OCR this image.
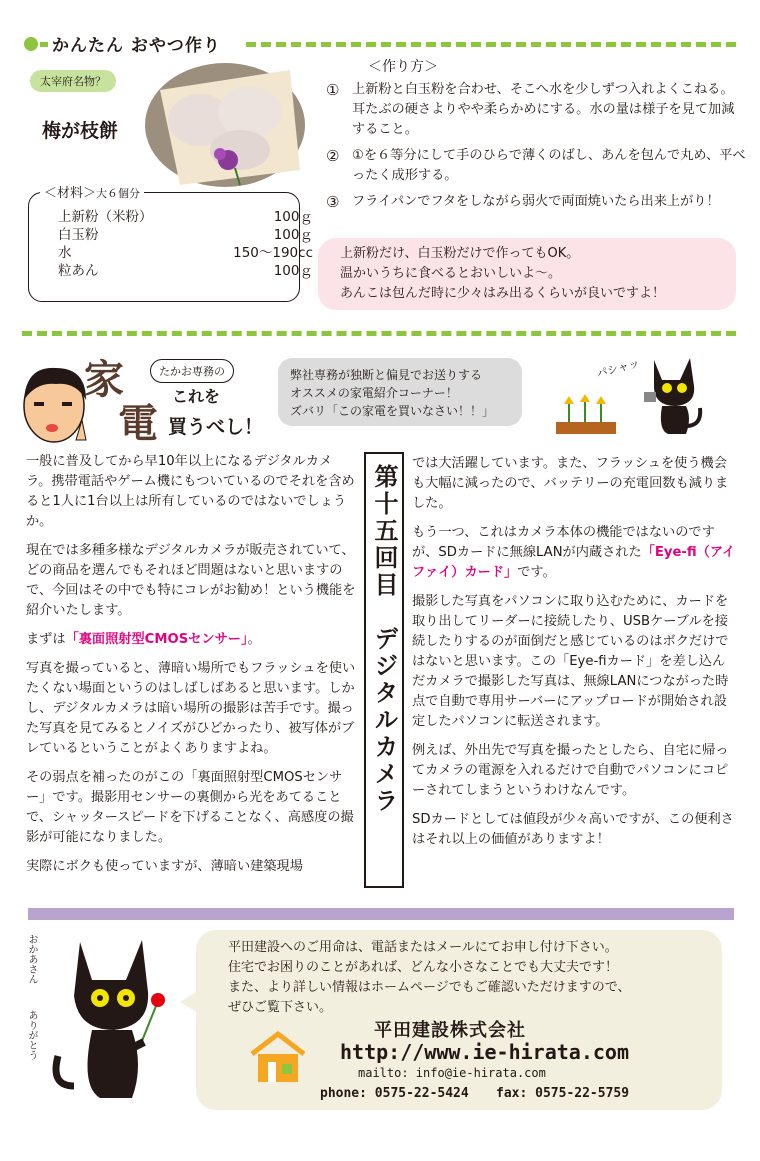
かんたん おやつ作り
太宰府名物？
梅が枝餅
＜材料＞大６個分
上新粉（米粉）	100ｇ
白玉粉	100ｇ
水	150～190cc
粒あん	100ｇ
＜作り方＞
① 上新粉と白玉粉を合わせ、そこへ水を少しずつ入れよくこねる。耳たぶの硬さよりやや柔らかめにする。水の量は様子を見て加減すること。
② ①を６等分にして手のひらで薄くのばし、あんを包んで丸め、平べったく成形する。
③ フライパンでフタをしながら弱火で両面焼いたら出来上がり！
上新粉だけ、白玉粉だけで作ってもOK。
温かいうちに食べるとおいしいよ～。
あんこは包んだ時に少々はみ出るくらいが良いですよ！
家
電
たかお専務の
これを
買うべし！
弊社専務が独断と偏見でお送りする
オススメの家電紹介コーナー！
ズバリ「この家電を買いなさい！！」
パシャッ

一般に普及してから早10年以上になるデジタルカメラ。携帯電話やゲーム機にもついているのでそれを含めると1人に1台以上は所有しているのではないでしょうか。

現在では多種多様なデジタルカメラが販売されていて、どの商品を選んでもそれほど問題はないと思いますので、今回はその中でも特にコレがお勧め！という機能を紹介いたします。

まずは「裏面照射型CMOSセンサー」。

写真を撮っていると、薄暗い場所でもフラッシュを使いたくない場面というのはしばしばあると思います。しかし、デジタルカメラは暗い場所の撮影は苦手です。撮った写真を見てみるとノイズがひどかったり、被写体がブレているということがよくありますよね。

その弱点を補ったのがこの「裏面照射型CMOSセンサー」です。撮影用センサーの裏側から光をあてることで、シャッタースピードを下げることなく、高感度の撮影が可能になりました。

実際にボクも使っていますが、薄暗い建築現場

第十五回目　デジタルカメラ

では大活躍しています。また、フラッシュを使う機会も大幅に減ったので、バッテリーの充電回数も減りました。

もう一つ、これはカメラ本体の機能ではないのですが、SDカードに無線LANが内蔵された「Eye-fi（アイファイ）カード」です。

撮影した写真をパソコンに取り込むために、カードを取り出してリーダーに接続したり、USBケーブルを接続したりするのが面倒だと感じているのはボクだけではないと思います。この「Eye-fiカード」を差し込んだカメラで撮影した写真は、無線LANにつながった時点で自動で専用サーバーにアップロードが開始され設定したパソコンに転送されます。

例えば、外出先で写真を撮ったとしたら、自宅に帰ってカメラの電源を入れるだけで自動でパソコンにコピーされてしまうというわけなんです。

SDカードとしては値段が少々高いですが、この便利さはそれ以上の価値がありますよ！

おかあさん
ありがとう
平田建設へのご用命は、電話またはメールにてお申し付け下さい。
住宅でお困りのことがあれば、どんな小さなことでも大丈夫です！
また、より詳しい情報はホームページでもご確認いただけますので、
ぜひご覧下さい。
平田建設株式会社
http://www.ie-hirata.com
mailto: info@ie-hirata.com
phone: 0575-22-5424 fax: 0575-22-5759
